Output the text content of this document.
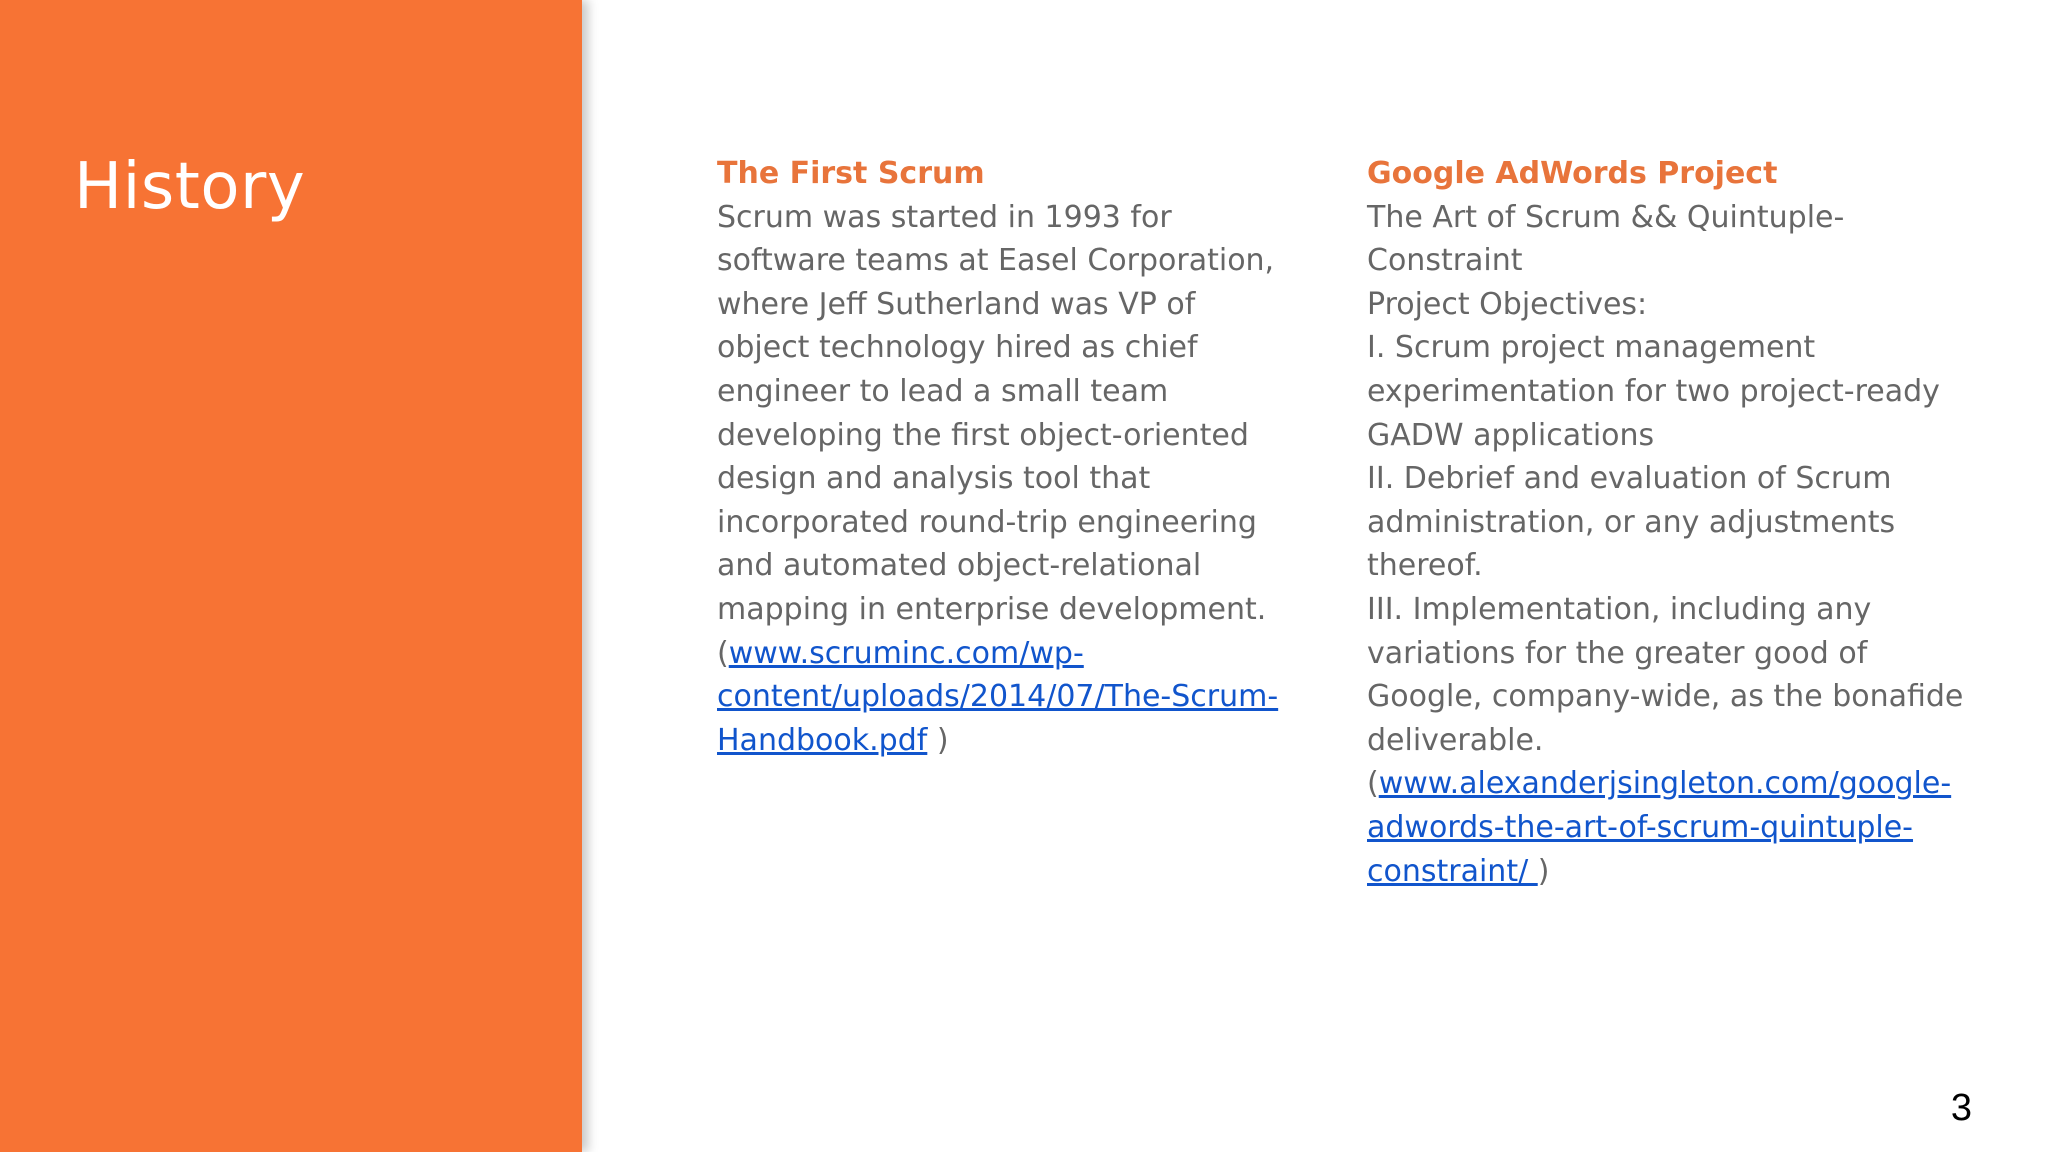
History	The First Scrum
Scrum was started in 1993 for
software teams at Easel Corporation,
where Jeff Sutherland was VP of
object technology hired as chief
engineer to lead a small team
developing the first object-oriented
design and analysis tool that
incorporated round-trip engineering
and automated object-relational
mapping in enterprise development.
(www.scruminc.com/wp-
content/uploads/2014/07/The-Scrum-
Handbook.pdf )
Google AdWords Project
The Art of Scrum && Quintuple-
Constraint
Project Objectives:
I. Scrum project management
experimentation for two project-ready
GADW applications
II. Debrief and evaluation of Scrum
administration, or any adjustments
thereof.
III. Implementation, including any
variations for the greater good of
Google, company-wide, as the bonafide
deliverable.
(www.alexanderjsingleton.com/google-
adwords-the-art-of-scrum-quintuple-
constraint/ )
3
